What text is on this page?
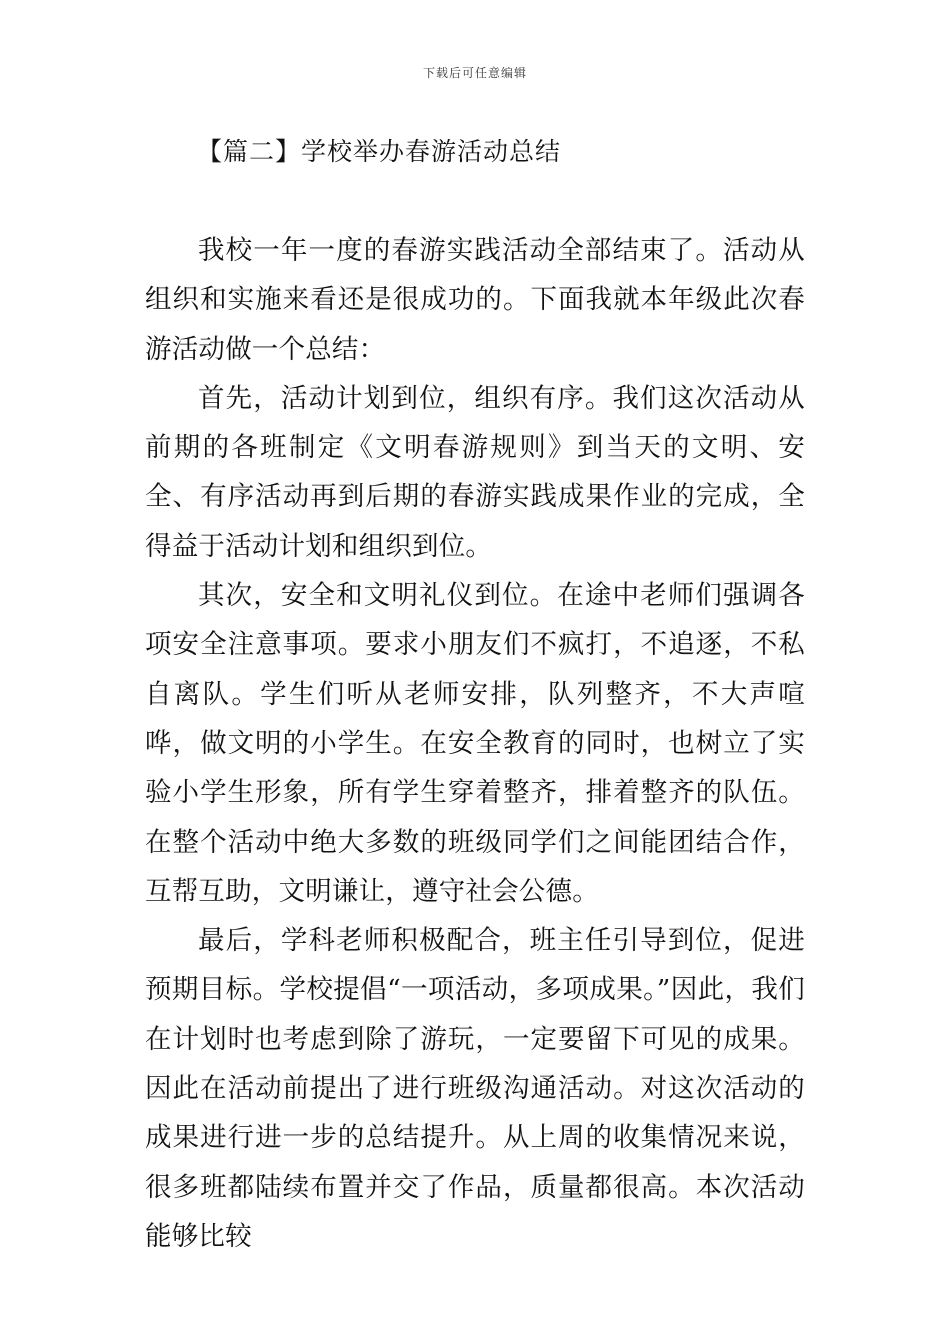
下载后可任意编辑
【篇二】学校举办春游活动总结

我校一年一度的春游实践活动全部结束了。活动从组织和实施来看还是很成功的。下面我就本年级此次春游活动做一个总结：

首先，活动计划到位，组织有序。我们这次活动从前期的各班制定《文明春游规则》到当天的文明、安全、有序活动再到后期的春游实践成果作业的完成，全得益于活动计划和组织到位。

其次，安全和文明礼仪到位。在途中老师们强调各项安全注意事项。要求小朋友们不疯打，不追逐，不私自离队。学生们听从老师安排，队列整齐，不大声喧哗，做文明的小学生。在安全教育的同时，也树立了实验小学生形象，所有学生穿着整齐，排着整齐的队伍。在整个活动中绝大多数的班级同学们之间能团结合作，互帮互助，文明谦让，遵守社会公德。

最后，学科老师积极配合，班主任引导到位，促进预期目标。学校提倡“一项活动，多项成果。”因此，我们在计划时也考虑到除了游玩，一定要留下可见的成果。因此在活动前提出了进行班级沟通活动。对这次活动的成果进行进一步的总结提升。从上周的收集情况来说，很多班都陆续布置并交了作品，质量都很高。本次活动能够比较
